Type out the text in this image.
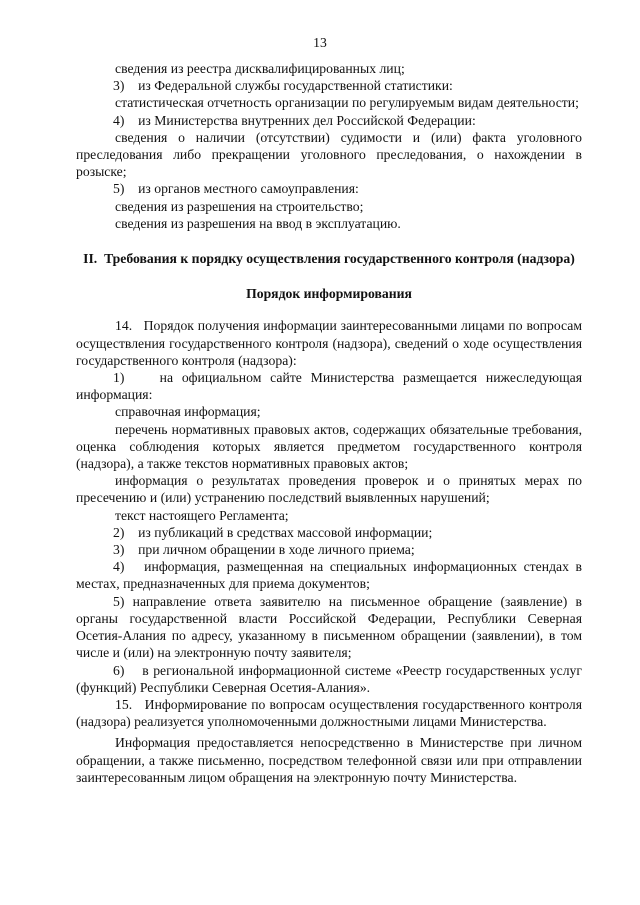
13

сведения из реестра дисквалифицированных лиц;

3)    из Федеральной службы государственной статистики:

статистическая отчетность организации по регулируемым видам деятельности;

4)    из Министерства внутренних дел Российской Федерации:

сведения о наличии (отсутствии) судимости и (или) факта уголовного преследования либо прекращении уголовного преследования, о нахождении в розыске;

5)    из органов местного самоуправления:

сведения из разрешения на строительство;

сведения из разрешения на ввод в эксплуатацию.

II.  Требования к порядку осуществления государственного контроля (надзора)

Порядок информирования

14.   Порядок получения информации заинтересованными лицами по вопросам осуществления государственного контроля (надзора), сведений о ходе осуществления государственного контроля (надзора):

1)    на официальном сайте Министерства размещается нижеследующая информация:

справочная информация;

перечень нормативных правовых актов, содержащих обязательные требования, оценка соблюдения которых является предметом государственного контроля (надзора), а также текстов нормативных правовых актов;

информация о результатах проведения проверок и о принятых мерах по пресечению и (или) устранению последствий выявленных нарушений;

текст настоящего Регламента;

2)    из публикаций в средствах массовой информации;

3)    при личном обращении в ходе личного приема;

4)   информация, размещенная на специальных информационных стендах в местах, предназначенных для приема документов;

5) направление ответа заявителю на письменное обращение (заявление) в органы государственной власти Российской Федерации, Республики Северная Осетия-Алания по адресу, указанному в письменном обращении (заявлении), в том числе и (или) на электронную почту заявителя;

6)    в региональной информационной системе «Реестр государственных услуг (функций) Республики Северная Осетия-Алания».

15.   Информирование по вопросам осуществления государственного контроля (надзора) реализуется уполномоченными должностными лицами Министерства.

Информация предоставляется непосредственно в Министерстве при личном обращении, а также письменно, посредством телефонной связи или при отправлении заинтересованным лицом обращения на электронную почту Министерства.
